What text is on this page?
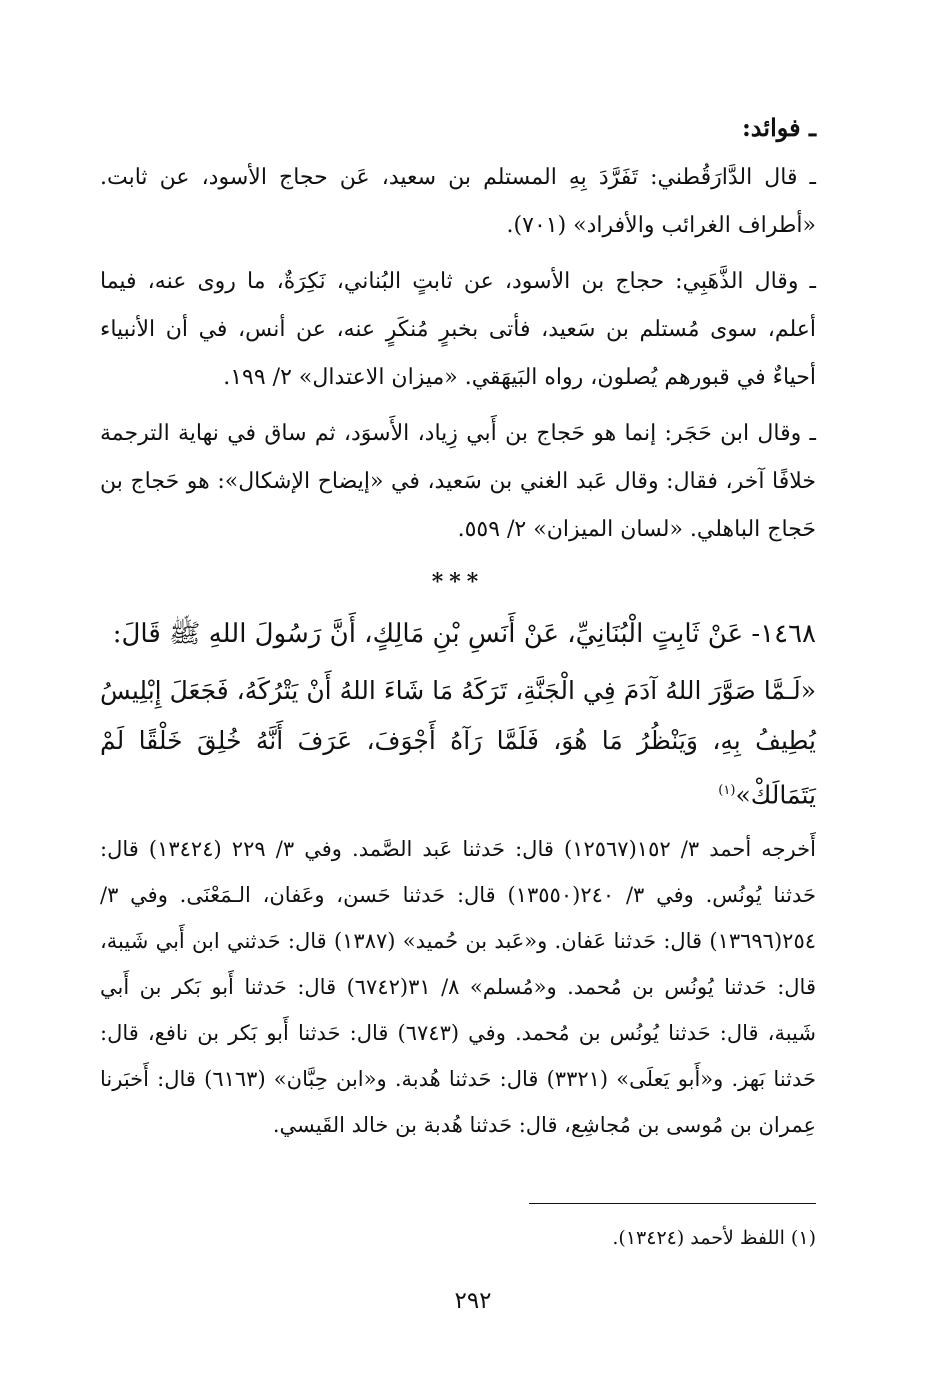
ـ فوائد:

ـ قال الدَّارَقُطني: تَفَرَّدَ بِهِ المستلم بن سعيد، عَن حجاج الأسود، عن ثابت. «أطراف الغرائب والأفراد» (٧٠١).

ـ وقال الذَّهَبِي: حجاج بن الأسود، عن ثابتٍ البُناني، نَكِرَةٌ، ما روى عنه، فيما أعلم، سوى مُستلم بن سَعيد، فأتى بخبرٍ مُنكَرٍ عنه، عن أنس، في أن الأنبياء أحياءٌ في قبورهم يُصلون، رواه البَيهَقي. «ميزان الاعتدال» ٢/ ١٩٩.

ـ وقال ابن حَجَر: إنما هو حَجاج بن أَبي زِياد، الأَسوَد، ثم ساق في نهاية الترجمة خلافًا آخر، فقال: وقال عَبد الغني بن سَعيد، في «إيضاح الإشكال»: هو حَجاج بن حَجاج الباهلي. «لسان الميزان» ٢/ ٥٥٩.

***
١٤٦٨- عَنْ ثَابِتٍ الْبُنَانِيِّ، عَنْ أَنَسِ بْنِ مَالِكٍ، أَنَّ رَسُولَ اللهِ ﷺ قَالَ:

«لَـمَّا صَوَّرَ اللهُ آدَمَ فِي الْجَنَّةِ، تَرَكَهُ مَا شَاءَ اللهُ أَنْ يَتْرُكَهُ، فَجَعَلَ إِبْلِيسُ يُطِيفُ بِهِ، وَيَنْظُرُ مَا هُوَ، فَلَمَّا رَآهُ أَجْوَفَ، عَرَفَ أَنَّهُ خُلِقَ خَلْقًا لَمْ يَتَمَالَكْ»$^{(١)}$

أَخرجه أحمد ٣/ ١٥٢(١٢٥٦٧) قال: حَدثنا عَبد الصَّمد. وفي ٣/ ٢٢٩ (١٣٤٢٤) قال: حَدثنا يُونُس. وفي ٣/ ٢٤٠(١٣٥٥٠) قال: حَدثنا حَسن، وعَفان، الـمَعْنَى. وفي ٣/ ٢٥٤(١٣٦٩٦) قال: حَدثنا عَفان. و«عَبد بن حُميد» (١٣٨٧) قال: حَدثني ابن أَبي شَيبة، قال: حَدثنا يُونُس بن مُحمد. و«مُسلم» ٨/ ٣١(٦٧٤٢) قال: حَدثنا أَبو بَكر بن أَبي شَيبة، قال: حَدثنا يُونُس بن مُحمد. وفي (٦٧٤٣) قال: حَدثنا أَبو بَكر بن نافع، قال: حَدثنا بَهز. و«أَبو يَعلَى» (٣٣٢١) قال: حَدثنا هُدبة. و«ابن حِبَّان» (٦١٦٣) قال: أَخبَرنا عِمران بن مُوسى بن مُجاشِع، قال: حَدثنا هُدبة بن خالد القَيسي.

(١) اللفظ لأحمد (١٣٤٢٤).
٢٩٢
